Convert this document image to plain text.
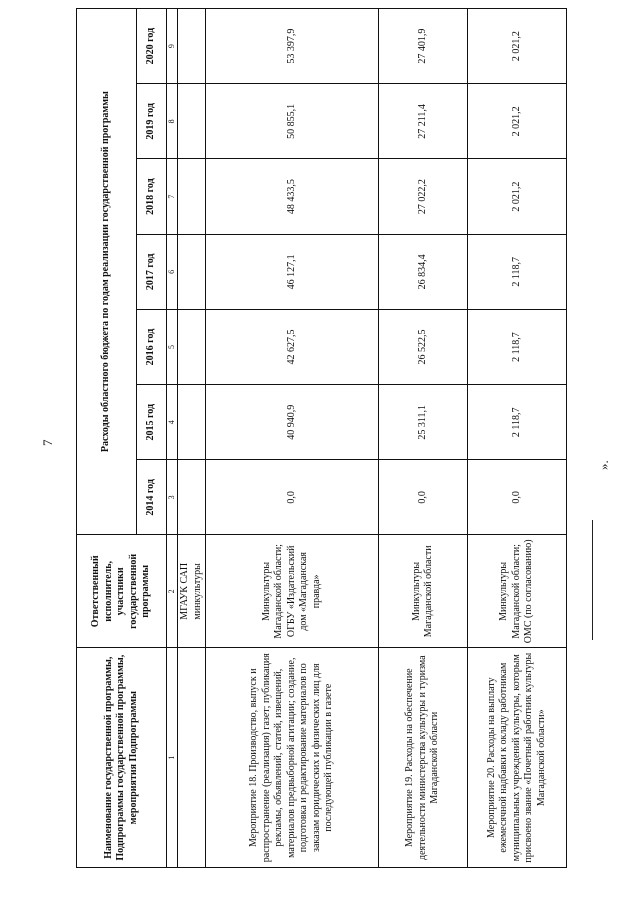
7
Наименование государственной программы, Подпрограммы государственной программы, мероприятия Подпрограммы	Ответственный исполнитель, участники государственной программы	Расходы областного бюджета по годам реализации государственной программы						
		2014 год	2015 год	2016 год	2017 год	2018 год	2019 год	2020 год
1	2	3	4	5	6	7	8	9
	МГАУК САП минкультуры							
Мероприятие 18. Производство, выпуск и распространение (реализация) газет; публикация рекламы, объявлений, статей, извещений, материалов предвыборной агитации; создание, подготовка и редактирование материалов по заказам юридических и физических лиц для последующей публикации в газете	Минкультуры Магаданской области; ОГБУ «Издательский дом «Магаданская правда»	0,0	40 940,9	42 627,5	46 127,1	48 433,5	50 855,1	53 397,9
Мероприятие 19. Расходы на обеспечение деятельности министерства культуры и туризма Магаданской области	Минкультуры Магаданской области	0,0	25 311,1	26 522,5	26 834,4	27 022,2	27 211,4	27 401,9
Мероприятие 20. Расходы на выплату ежемесячной надбавки к окладу работникам муниципальных учреждений культуры, которым присвоено звание «Почетный работник культуры Магаданской области»	Минкультуры Магаданской области; ОМС (по согласованию)	0,0	2 118,7	2 118,7	2 118,7	2 021,2	2 021,2	2 021,2
».
